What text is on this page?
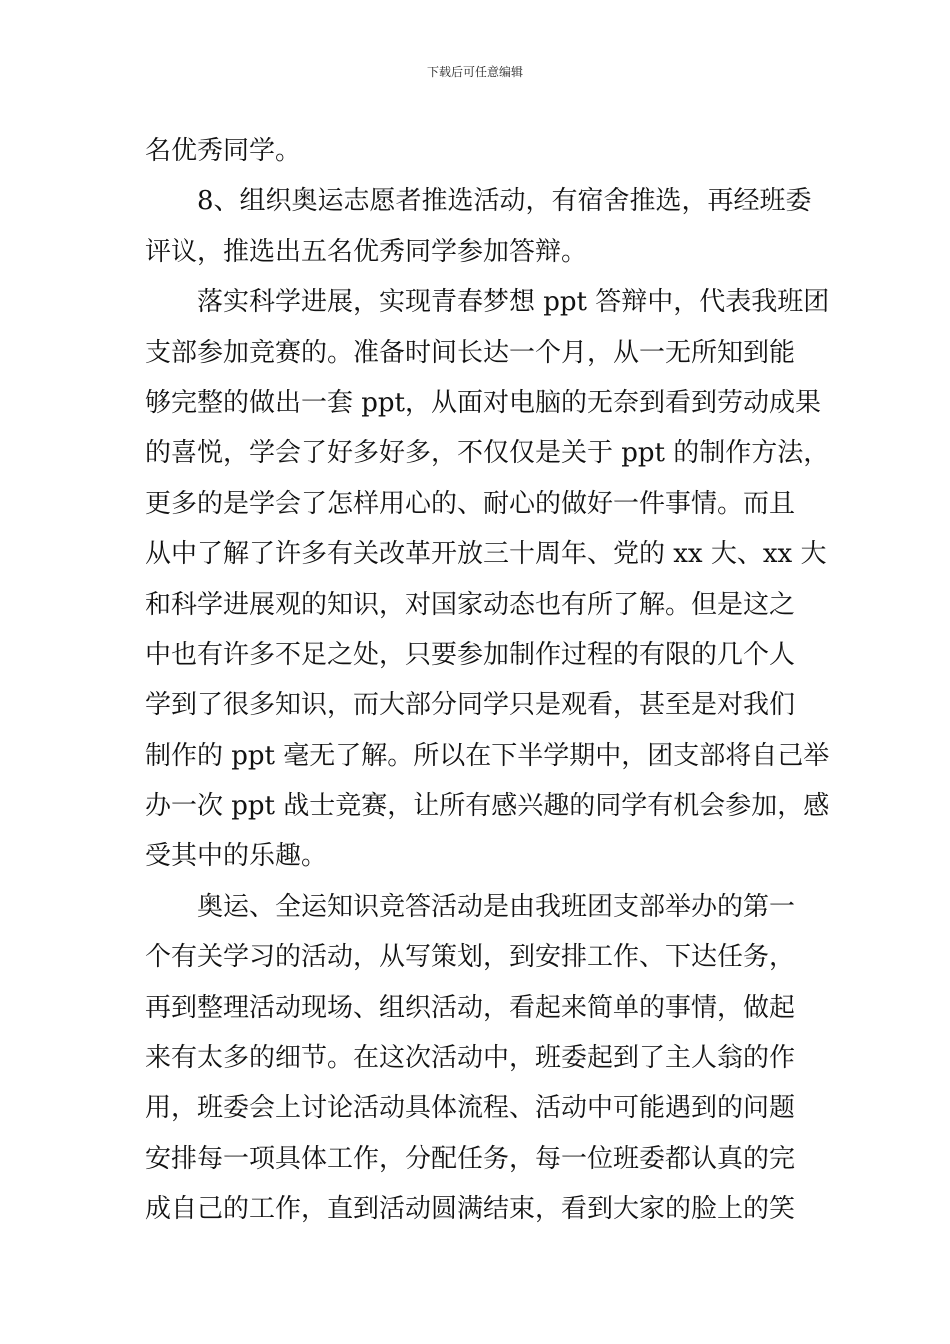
下载后可任意编辑
名优秀同学。
8、组织奥运志愿者推选活动，有宿舍推选，再经班委
评议，推选出五名优秀同学参加答辩。
落实科学进展，实现青春梦想 ppt 答辩中，代表我班团
支部参加竞赛的。准备时间长达一个月，从一无所知到能
够完整的做出一套 ppt，从面对电脑的无奈到看到劳动成果
的喜悦，学会了好多好多，不仅仅是关于 ppt 的制作方法，
更多的是学会了怎样用心的、耐心的做好一件事情。而且
从中了解了许多有关改革开放三十周年、党的 xx 大、xx 大
和科学进展观的知识，对国家动态也有所了解。但是这之
中也有许多不足之处，只要参加制作过程的有限的几个人
学到了很多知识，而大部分同学只是观看，甚至是对我们
制作的 ppt 毫无了解。所以在下半学期中，团支部将自己举
办一次 ppt 战士竞赛，让所有感兴趣的同学有机会参加，感
受其中的乐趣。
奥运、全运知识竞答活动是由我班团支部举办的第一
个有关学习的活动，从写策划，到安排工作、下达任务，
再到整理活动现场、组织活动，看起来简单的事情，做起
来有太多的细节。在这次活动中，班委起到了主人翁的作
用，班委会上讨论活动具体流程、活动中可能遇到的问题
安排每一项具体工作，分配任务，每一位班委都认真的完
成自己的工作，直到活动圆满结束，看到大家的脸上的笑
